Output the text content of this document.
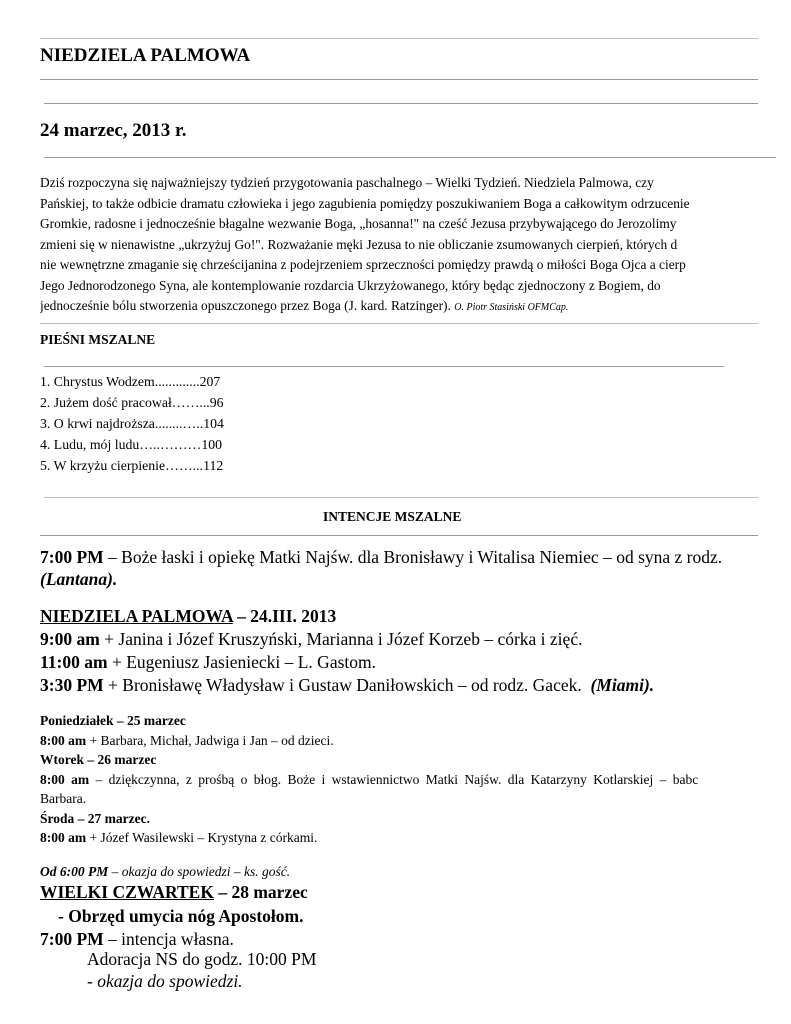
NIEDZIELA PALMOWA
24 marzec, 2013 r.

Dziś rozpoczyna się najważniejszy tydzień przygotowania paschalnego – Wielki Tydzień. Niedziela Palmowa, czy

Pańskiej, to także odbicie dramatu człowieka i jego zagubienia pomiędzy poszukiwaniem Boga a całkowitym odrzucenie

Gromkie, radosne i jednocześnie błagalne wezwanie Boga, „hosanna!" na cześć Jezusa przybywającego do Jerozolimy

zmieni się w nienawistne „ukrzyżuj Go!". Rozważanie męki Jezusa to nie obliczanie zsumowanych cierpień, których d

nie wewnętrzne zmaganie się chrześcijanina z podejrzeniem sprzeczności pomiędzy prawdą o miłości Boga Ojca a cierp

Jego Jednorodzonego Syna, ale kontemplowanie rozdarcia Ukrzyżowanego, który będąc zjednoczony z Bogiem, do

jednocześnie bólu stworzenia opuszczonego przez Boga (J. kard. Ratzinger). O. Piotr Stasiński OFMCap.

PIEŚNI MSZALNE
1. Chrystus Wodzem.............207
2. Jużem dość pracował……...96
3. O krwi najdroższa........…..104
4. Ludu, mój ludu…..………100
5. W krzyżu cierpienie……...112
INTENCJE MSZALNE
7:00 PM – Boże łaski i opiekę Matki Najśw. dla Bronisławy i Witalisa Niemiec – od syna z rodz.
(Lantana).
NIEDZIELA PALMOWA – 24.III. 2013
9:00 am + Janina i Józef Kruszyński, Marianna i Józef Korzeb – córka i zięć.
11:00 am + Eugeniusz Jasieniecki – L. Gastom.
3:30 PM + Bronisławę Władysław i Gustaw Daniłowskich – od rodz. Gacek. (Miami).
Poniedziałek – 25 marzec
8:00 am + Barbara, Michał, Jadwiga i Jan – od dzieci.
Wtorek – 26 marzec
8:00 am – dziękczynna, z prośbą o błog. Boże i wstawiennictwo Matki Najśw. dla Katarzyny Kotlarskiej – babc
Barbara.
Środa – 27 marzec.
8:00 am + Józef Wasilewski – Krystyna z córkami.
Od 6:00 PM – okazja do spowiedzi – ks. gość.
WIELKI CZWARTEK – 28 marzec
- Obrzęd umycia nóg Apostołom.
7:00 PM – intencja własna.
Adoracja NS do godz. 10:00 PM
- okazja do spowiedzi.
